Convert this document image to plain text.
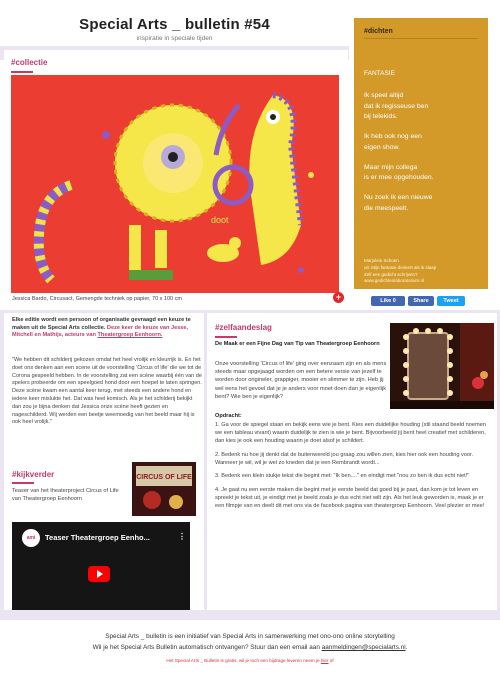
Special Arts _ bulletin #54
inspiratie in speciale tijden
#collectie
doot
Jessica Bardo, Circusact, Gemengde techniek op papier, 70 x 100 cm	+
#dichten
FANTASIE

Ik speel altijd
dat ik regisseuse ben
bij telekids.

Ik heb ook nog een
eigen show.

Maar mijn collega
is er mee opgehouden.

Nu zoek ik een nieuwe
die meespeelt.

Marjolein Schoen
uit: Mijn fantasie denkert als ik slaap
Zelf een gedicht schrijven?
www.gedichtenlaboratorium.nl
Like 0	Share	Tweet
Elke editie wordt een persoon of organisatie gevraagd een keuze te maken uit de Special Arts collectie. Deze keer de keuze van Jesse, Mitchell en Mathijs, acteurs van Theatergroep Eenhoorn.
"We hebben dit schilderij gekozen omdat het heel vrolijk en kleurrijk is. En het doet ons denken aan een scene uit de voorstelling 'Circus of life' die we tot de Corona gespeeld hebben. In de voorstelling zat een scène waarbij één van de spelers probeerde om een speelgoed hond door een hoepel te laten springen. Deze scène kwam een aantal keer terug, met steeds een andere hond en iedere keer mislukte het. Dat was heel komisch. Als je het schilderij bekijkt dan zou je bijna denken dat Jessica onze scène heeft gezien en nageschilderd. Wij werden een beetje weemoedig van het beeld maar hij is ook heel vrolijk."
#kijkverder
Teaser van het theaterproject Circus of Life van Theatergroep Eenhoorn
CIRCUS OF LIFE
ami	Teaser Theatergroep Eenho...	⋮
#zelfaandeslag
De Maak er een Fijne Dag van Tip van Theatergroep Eenhoorn
Onze voorstelling 'Circus of life' ging over eenzaam zijn en als mens steeds maar opgejaagd worden om een betere versie van jezelf te worden door origineler, grappiger, mooier en slimmer te zijn. Heb jij wel eens het gevoel dat je je anders voor moet doen dan je eigenlijk bent? Wie ben je eigenlijk?
Opdracht:

1. Ga voor de spiegel staan en bekijk eens wie je bent. Kies een duidelijke houding (stil staand beeld noemen we een tableau vivant) waarin duidelijk te zien is wie je bent. Bijvoorbeeld jij bent heel creatief met schilderen, dan kies je ook een houding waarin je doet alsof je schildert.

2. Bedenk nu hoe jij denkt dat de buitenwereld jou graag zou willen zien, kies hier ook een houding voor. Wanneer je wil, wil je wel zo kneden dat je een Rembrandt wordt...

3. Bedenk een klein stukje tekst die begint met: "Ik ben...." en eindigt met "nou zo ben ik dus echt niet!"

4. Je gaat nu een eerste maken die begint met je eerste beeld dat goed bij je past, dan kom je tot leven en spreekt je tekst uit, je eindigt met je beeld zoals je dus echt niet wilt zijn. Als het leuk geworden is, maak je er een filmpje van en deelt dit met ons via de facebook pagina van theatergroep Eenhoorn. Veel plezier er mee!

Special Arts _ bulletin is een initiatief van Special Arts in samenwerking met ono-ono online storytelling
Wil je het Special Arts Bulletin automatisch ontvangen? Stuur dan een email aan aanmeldingen@specialarts.nl.
Het Special Arts _ Bulletin is gratis, wil je toch een bijdrage leveren neem je hier of
